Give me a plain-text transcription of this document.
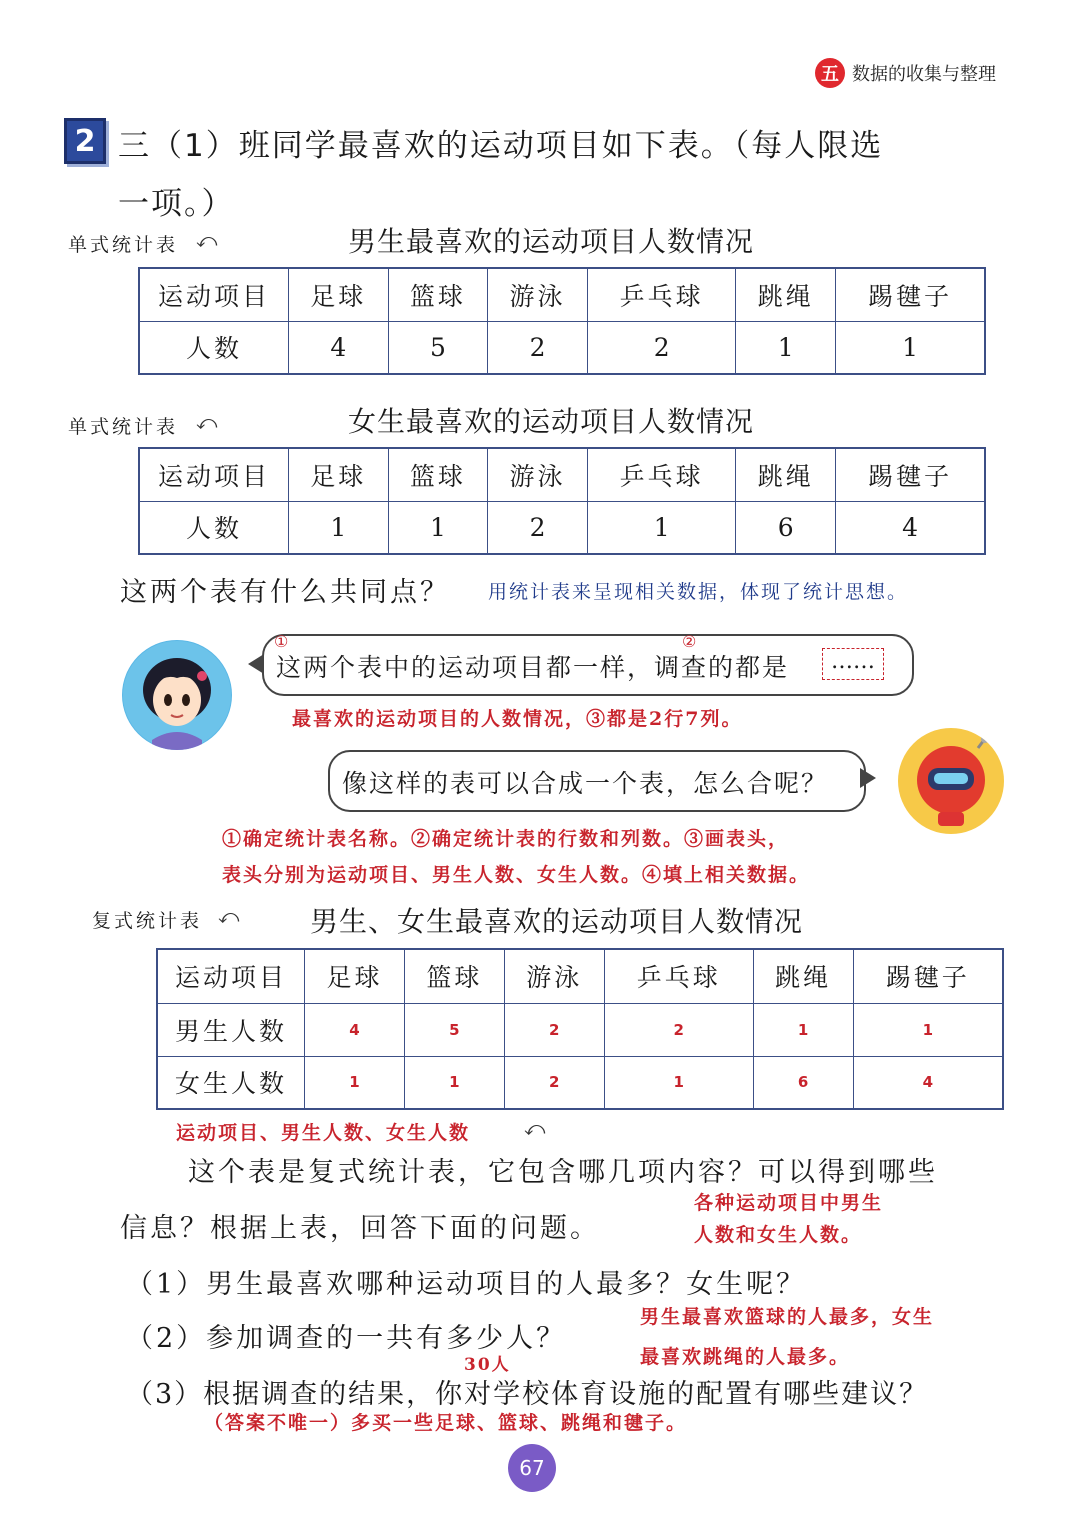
五 数据的收集与整理
2 三（1）班同学最喜欢的运动项目如下表。（每人限选
一项。）
单式统计表 ⤺	男生最喜欢的运动项目人数情况
运动项目	足球	篮球	游泳	乒乓球	跳绳	踢毽子
人数	4	5	2	2	1	1
单式统计表 ⤺	女生最喜欢的运动项目人数情况
运动项目	足球	篮球	游泳	乒乓球	跳绳	踢毽子
人数	1	1	2	1	6	4
这两个表有什么共同点？ 用统计表来呈现相关数据，体现了统计思想。
①	②
这两个表中的运动项目都一样，调查的都是	……
最喜欢的运动项目的人数情况，③都是2行7列。
像这样的表可以合成一个表，怎么合呢？
①确定统计表名称。②确定统计表的行数和列数。③画表头，
表头分别为运动项目、男生人数、女生人数。④填上相关数据。
复式统计表 ⤺	男生、女生最喜欢的运动项目人数情况
运动项目	足球	篮球	游泳	乒乓球	跳绳	踢毽子
男生人数	4	5	2	2	1	1
女生人数	1	1	2	1	6	4
运动项目、男生人数、女生人数	⤺
这个表是复式统计表，它包含哪几项内容？可以得到哪些
信息？根据上表，回答下面的问题。
各种运动项目中男生
人数和女生人数。
（1）男生最喜欢哪种运动项目的人最多？女生呢？
（2）参加调查的一共有多少人？
男生最喜欢篮球的人最多，女生
最喜欢跳绳的人最多。
30人
（3）根据调查的结果，你对学校体育设施的配置有哪些建议？
（答案不唯一）多买一些足球、篮球、跳绳和毽子。
67
